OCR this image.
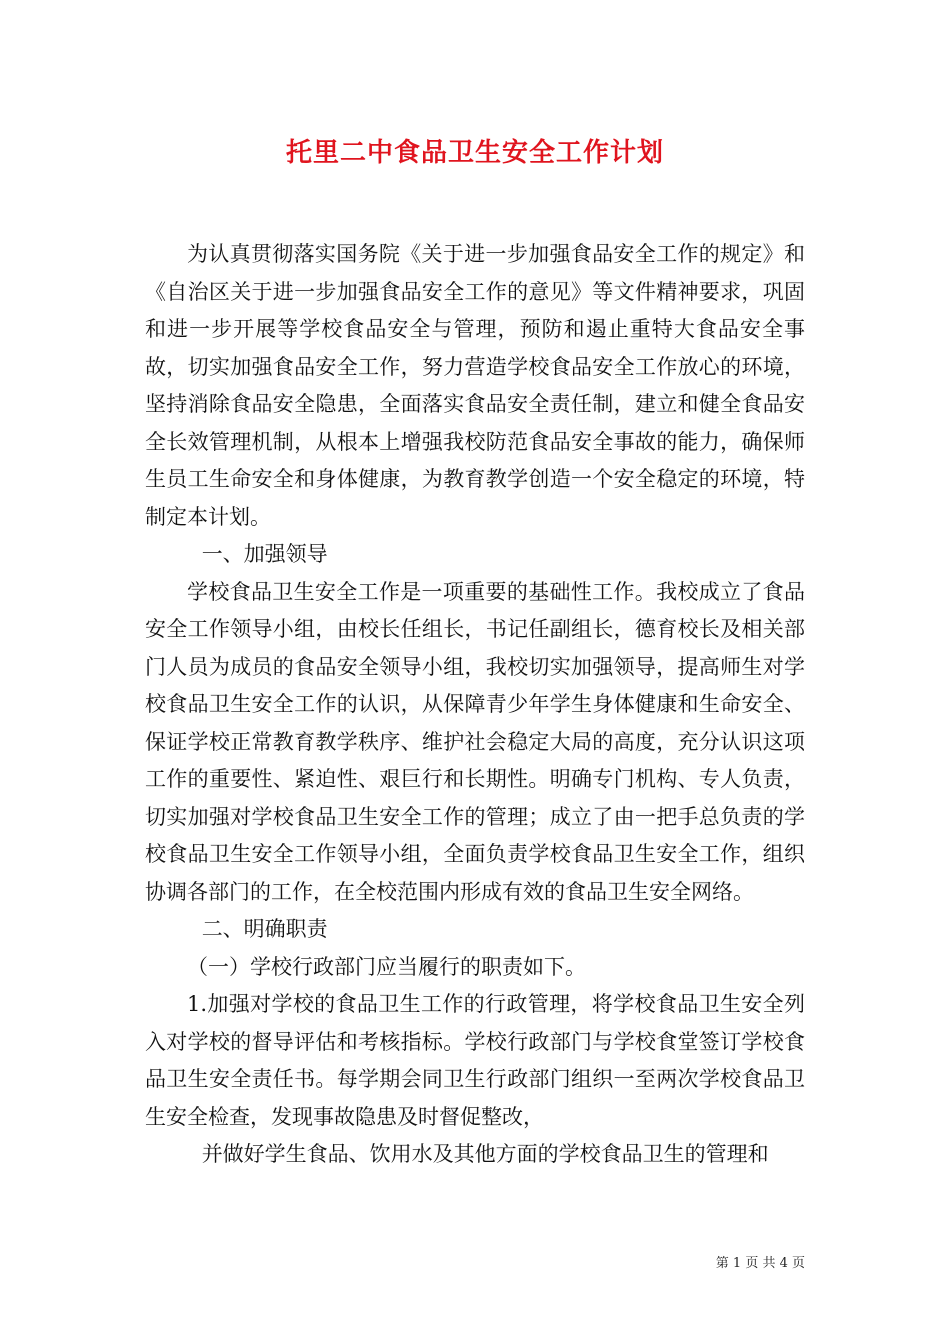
托里二中食品卫生安全工作计划

为认真贯彻落实国务院《关于进一步加强食品安全工作的规定》和《自治区关于进一步加强食品安全工作的意见》等文件精神要求，巩固和进一步开展等学校食品安全与管理，预防和遏止重特大食品安全事故，切实加强食品安全工作，努力营造学校食品安全工作放心的环境，坚持消除食品安全隐患，全面落实食品安全责任制，建立和健全食品安全长效管理机制，从根本上增强我校防范食品安全事故的能力，确保师生员工生命安全和身体健康，为教育教学创造一个安全稳定的环境，特制定本计划。

一、加强领导

学校食品卫生安全工作是一项重要的基础性工作。我校成立了食品安全工作领导小组，由校长任组长，书记任副组长，德育校长及相关部门人员为成员的食品安全领导小组，我校切实加强领导，提高师生对学校食品卫生安全工作的认识，从保障青少年学生身体健康和生命安全、保证学校正常教育教学秩序、维护社会稳定大局的高度，充分认识这项工作的重要性、紧迫性、艰巨行和长期性。明确专门机构、专人负责，切实加强对学校食品卫生安全工作的管理；成立了由一把手总负责的学校食品卫生安全工作领导小组，全面负责学校食品卫生安全工作，组织协调各部门的工作，在全校范围内形成有效的食品卫生安全网络。

二、明确职责

（一）学校行政部门应当履行的职责如下。

1.加强对学校的食品卫生工作的行政管理，将学校食品卫生安全列入对学校的督导评估和考核指标。学校行政部门与学校食堂签订学校食品卫生安全责任书。每学期会同卫生行政部门组织一至两次学校食品卫生安全检查，发现事故隐患及时督促整改，

并做好学生食品、饮用水及其他方面的学校食品卫生的管理和

第 1 页 共 4 页
